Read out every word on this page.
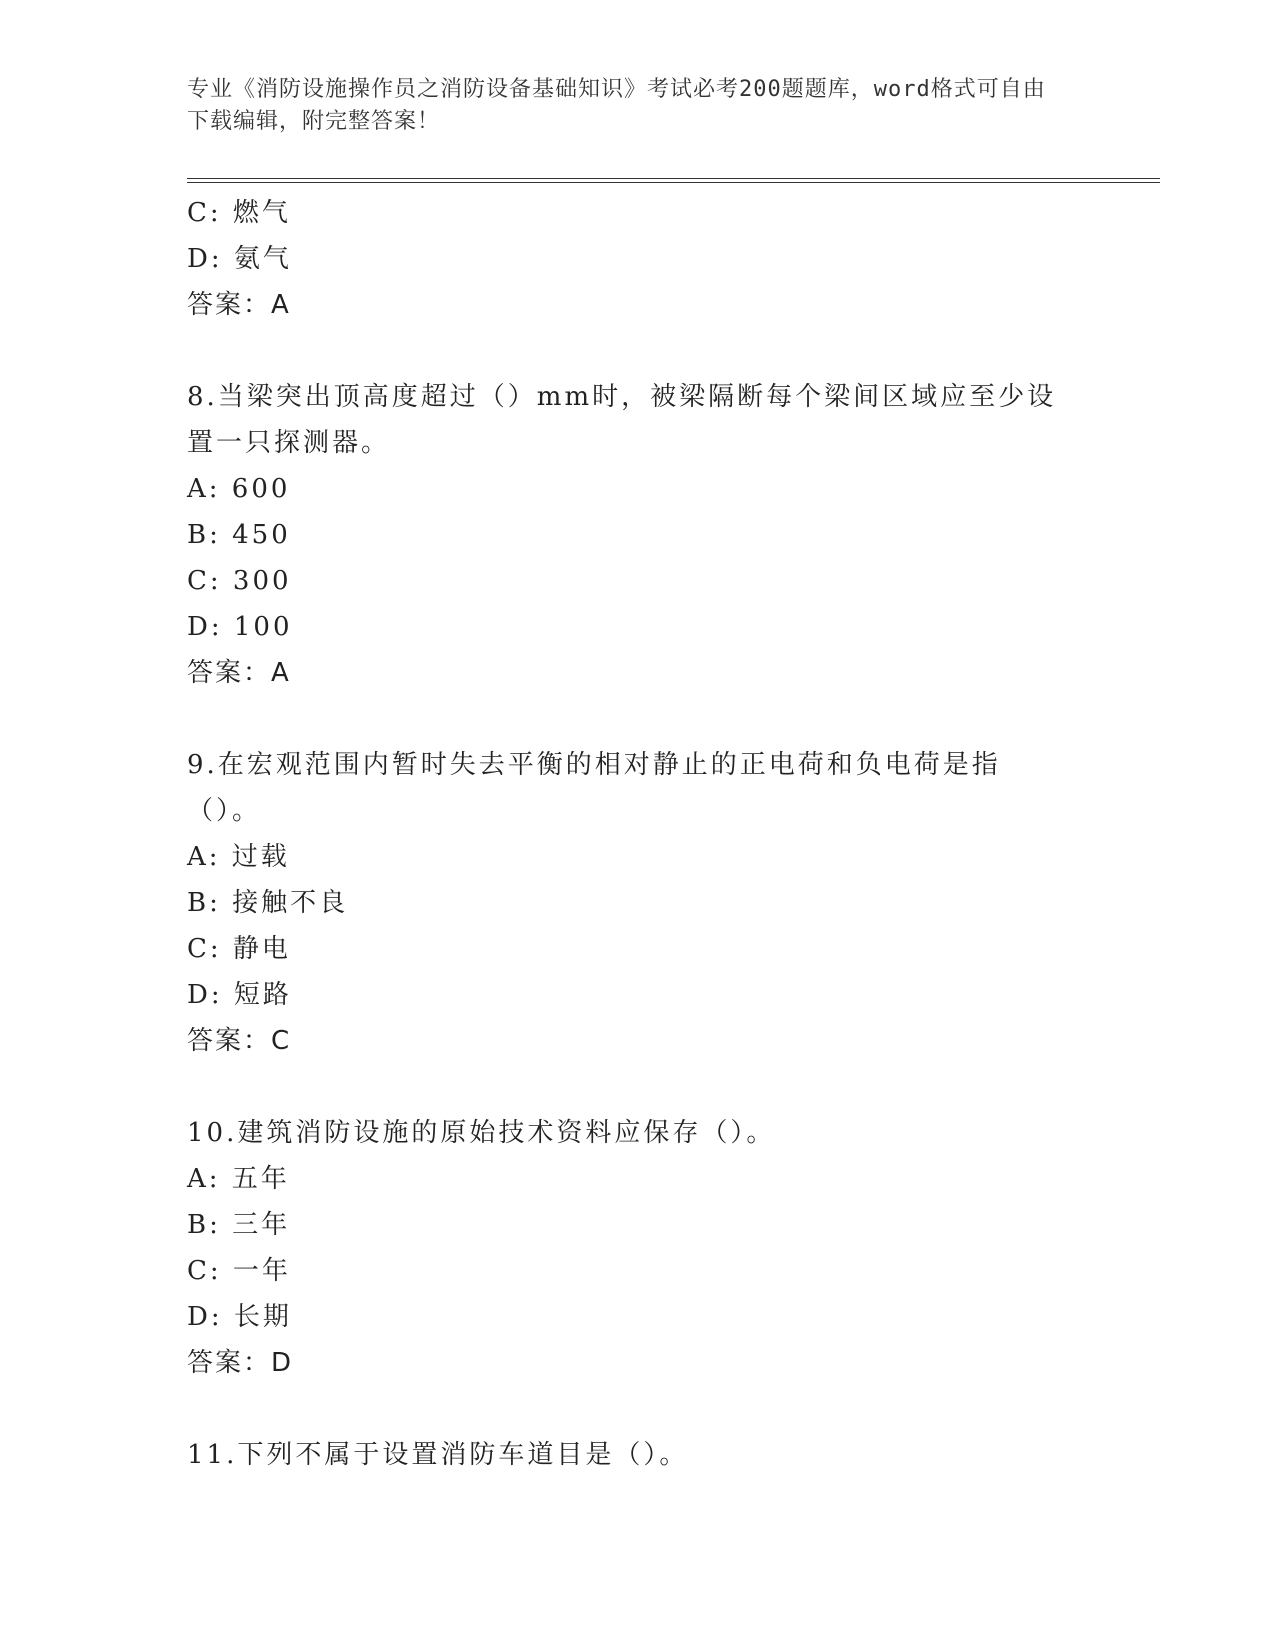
专业《消防设施操作员之消防设备基础知识》考试必考200题题库，word格式可自由下载编辑，附完整答案！
C: 燃气
D: 氨气
答案：A
8.当梁突出顶高度超过（）mm时，被梁隔断每个梁间区域应至少设置一只探测器。
A: 600
B: 450
C: 300
D: 100
答案：A
9.在宏观范围内暂时失去平衡的相对静止的正电荷和负电荷是指（）。
A: 过载
B: 接触不良
C: 静电
D: 短路
答案：C
10.建筑消防设施的原始技术资料应保存（）。
A: 五年
B: 三年
C: 一年
D: 长期
答案：D
11.下列不属于设置消防车道目是（）。
